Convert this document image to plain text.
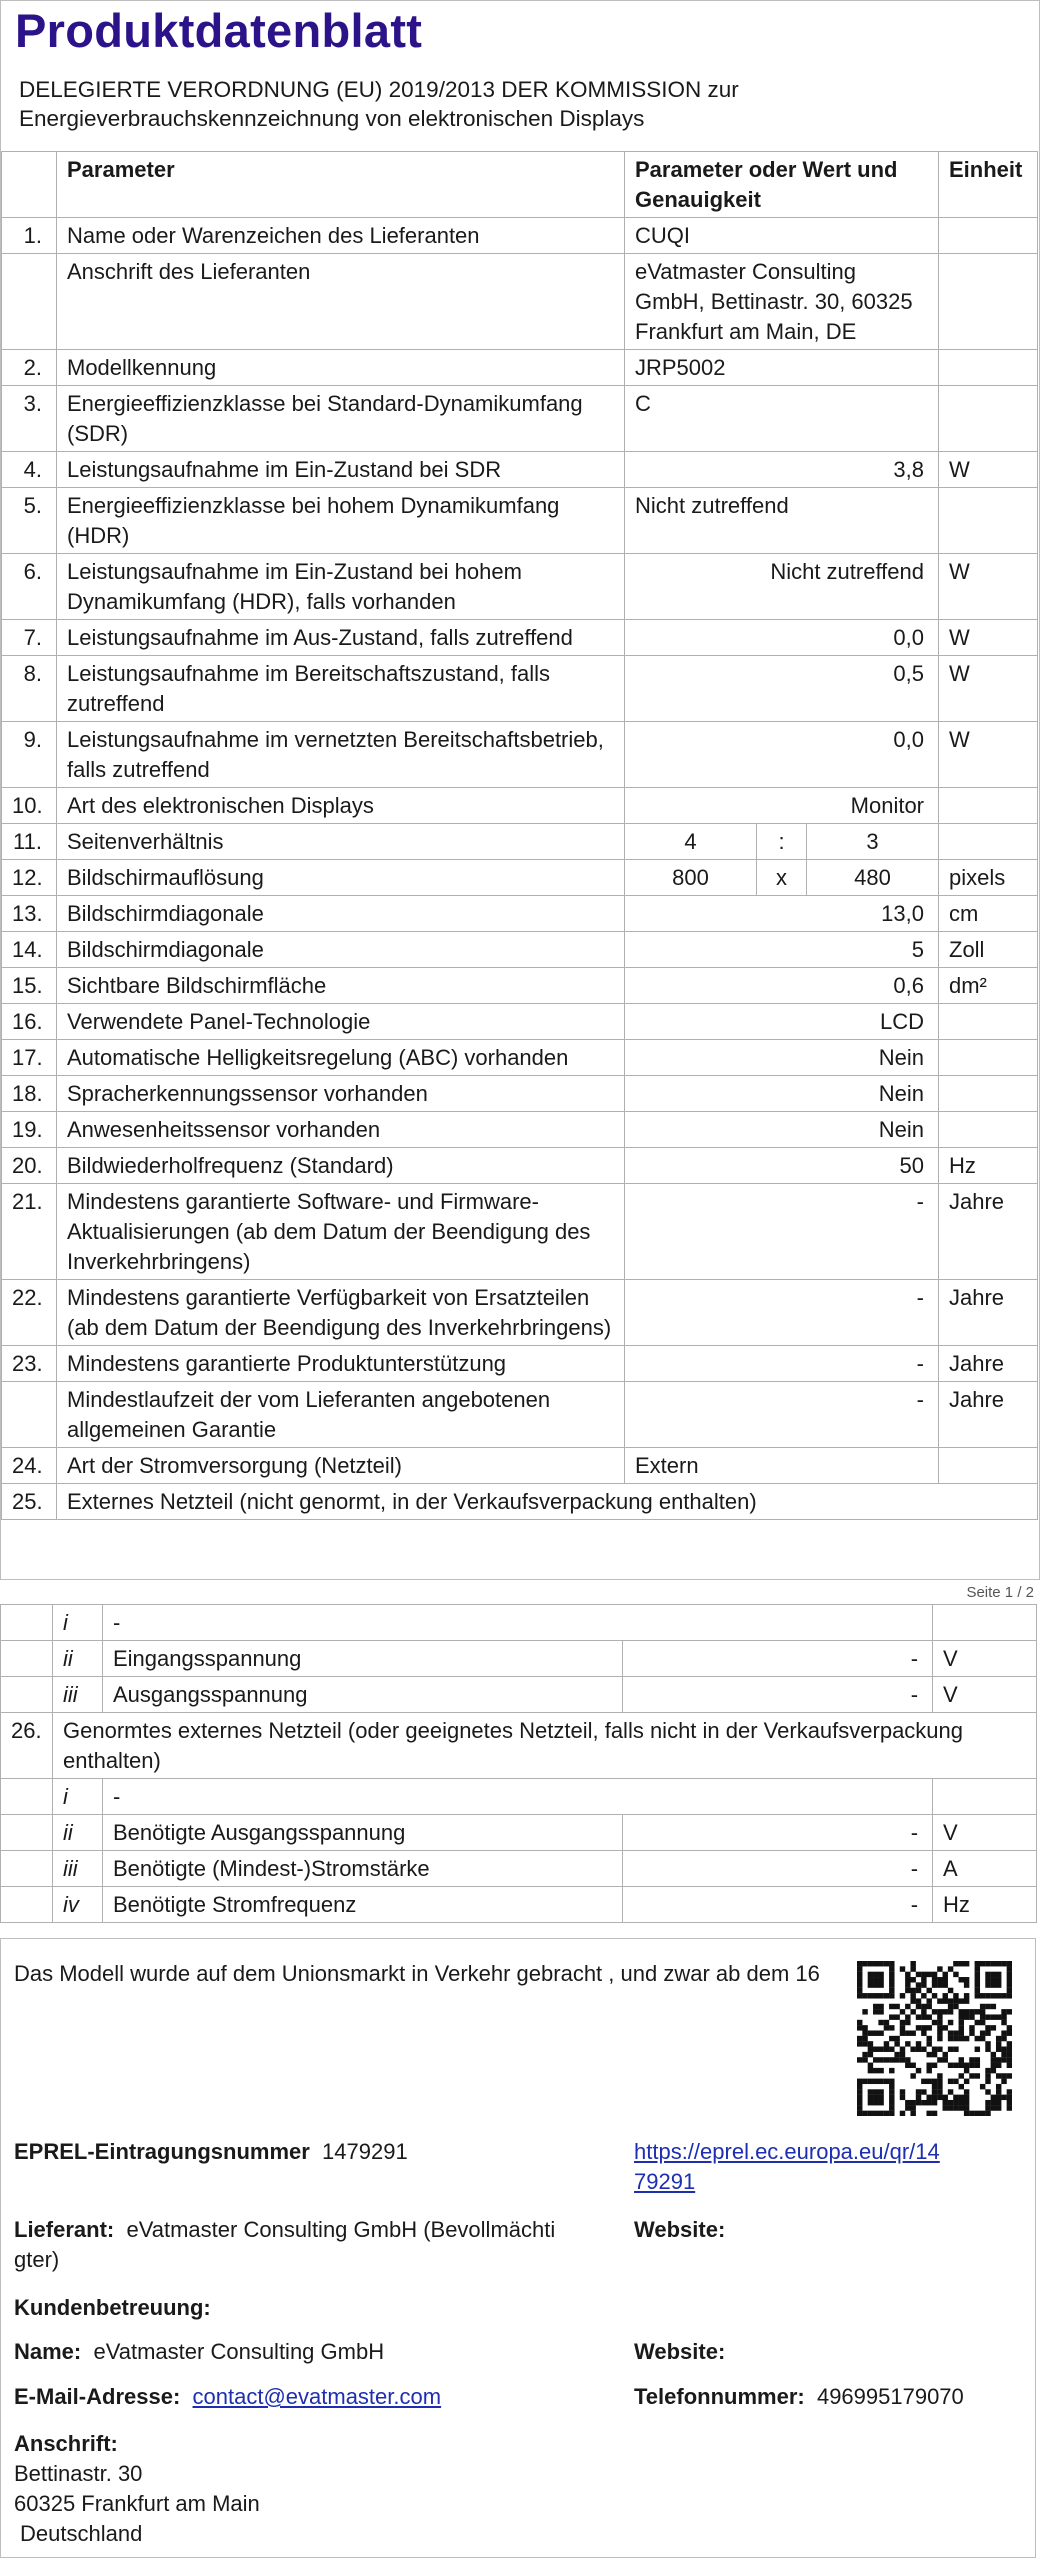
Produktdatenblatt
DELEGIERTE VERORDNUNG (EU) 2019/2013 DER KOMMISSION zur
Energieverbrauchskennzeichnung von elektronischen Displays
	Parameter	Parameter oder Wert und Genauigkeit			Einheit
1.	Name oder Warenzeichen des Lieferanten	CUQI			
	Anschrift des Lieferanten	eVatmaster Consulting GmbH, Bettinastr. 30, 60325 Frankfurt am Main, DE			
2.	Modellkennung	JRP5002			
3.	Energieeffizienzklasse bei Standard-Dynamikumfang (SDR)	C			
4.	Leistungsaufnahme im Ein-Zustand bei SDR	3,8			W
5.	Energieeffizienzklasse bei hohem Dynamikumfang (HDR)	Nicht zutreffend			
6.	Leistungsaufnahme im Ein-Zustand bei hohem Dynamikumfang (HDR), falls vorhanden	Nicht zutreffend			W
7.	Leistungsaufnahme im Aus-Zustand, falls zutreffend	0,0			W
8.	Leistungsaufnahme im Bereitschaftszustand, falls zutreffend	0,5			W
9.	Leistungsaufnahme im vernetzten Bereitschaftsbetrieb, falls zutreffend	0,0			W
10.	Art des elektronischen Displays	Monitor			
11.	Seitenverhältnis	4	:	3	
12.	Bildschirmauflösung	800	x	480	pixels
13.	Bildschirmdiagonale	13,0			cm
14.	Bildschirmdiagonale	5			Zoll
15.	Sichtbare Bildschirmfläche	0,6			dm²
16.	Verwendete Panel-Technologie	LCD			
17.	Automatische Helligkeitsregelung (ABC) vorhanden	Nein			
18.	Spracherkennungssensor vorhanden	Nein			
19.	Anwesenheitssensor vorhanden	Nein			
20.	Bildwiederholfrequenz (Standard)	50			Hz
21.	Mindestens garantierte Software- und Firmware-Aktualisierungen (ab dem Datum der Beendigung des Inverkehrbringens)	-			Jahre
22.	Mindestens garantierte Verfügbarkeit von Ersatzteilen (ab dem Datum der Beendigung des Inverkehrbringens)	-			Jahre
23.	Mindestens garantierte Produktunterstützung	-			Jahre
	Mindestlaufzeit der vom Lieferanten angebotenen allgemeinen Garantie	-			Jahre
24.	Art der Stromversorgung (Netzteil)	Extern			
25.	Externes Netzteil (nicht genormt, in der Verkaufsverpackung enthalten)				
Seite 1 / 2
	i	-		
	ii	Eingangsspannung	-	V
	iii	Ausgangsspannung	-	V
26.	Genormtes externes Netzteil (oder geeignetes Netzteil, falls nicht in der Verkaufsverpackung enthalten)			
	i	-		
	ii	Benötigte Ausgangsspannung	-	V
	iii	Benötigte (Mindest-)Stromstärke	-	A
	iv	Benötigte Stromfrequenz	-	Hz
Das Modell wurde auf dem Unionsmarkt in Verkehr gebracht , und zwar ab dem 16
EPREL-Eintragungsnummer 1479291	https://eprel.ec.europa.eu/qr/14
79291
Lieferant: eVatmaster Consulting GmbH (Bevollmächti
gter)
Website:
Kundenbetreuung:
Name: eVatmaster Consulting GmbH	Website:
E-Mail-Adresse: contact@evatmaster.com	Telefonnummer: 496995179070
Anschrift:
Bettinastr. 30
60325 Frankfurt am Main
Deutschland
